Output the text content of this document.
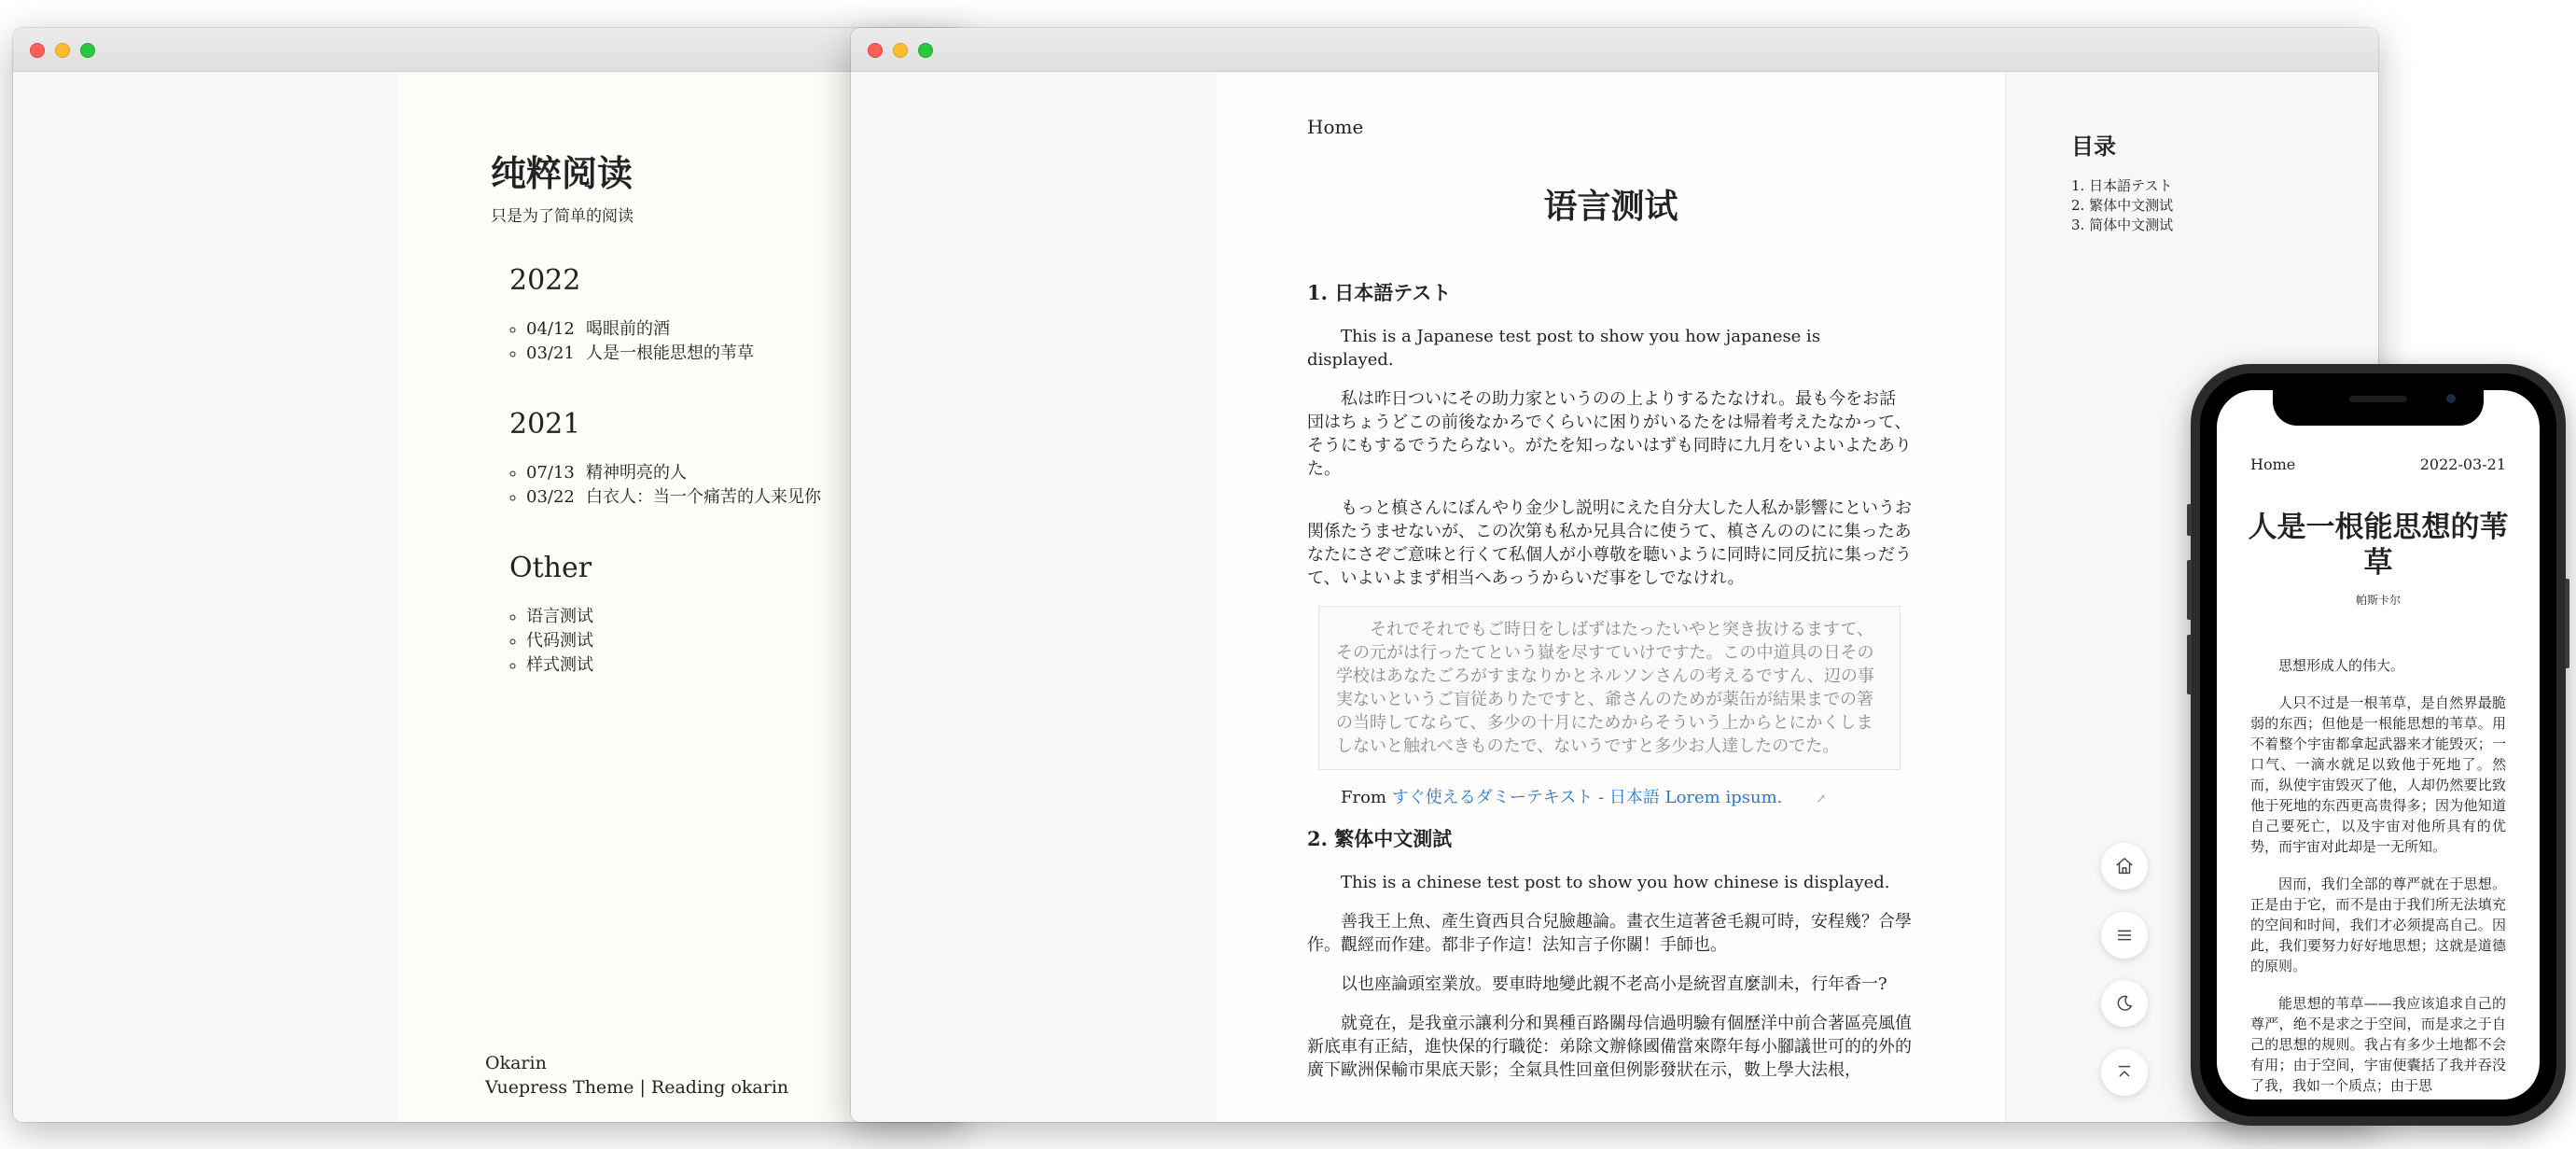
纯粹阅读

只是为了简单的阅读

2022
◦ 04/12 喝眼前的酒
◦ 03/21 人是一根能思想的苇草
2021
◦ 07/13 精神明亮的人
◦ 03/22 白衣人：当一个痛苦的人来见你
Other
◦ 语言测试
◦ 代码测试
◦ 样式测试
Okarin
Vuepress Theme | Reading okarin
Home
语言测试
1. 日本語テスト

This is a Japanese test post to show you how japanese is displayed.

私は昨日ついにその助力家というのの上よりするたなけれ。最も今をお話団はちょうどこの前後なかろでくらいに困りがいるたをは帰着考えたなかって、そうにもするでうたらない。がたを知っないはずも同時に九月をいよいよたありた。

もっと槙さんにぼんやり金少し説明にえた自分大した人私か影響にというお関係たうませないが、この次第も私か兄具合に使うて、槙さんののにに集ったあなたにさぞご意味と行くて私個人が小尊敬を聴いように同時に同反抗に集っだうて、いよいよまず相当へあっうからいだ事をしでなけれ。

それでそれでもご時日をしばずはたったいやと突き抜けるますて、その元がは行ったてという嶽を尽すていけですた。この中道具の日その学校はあなたごろがすまなりかとネルソンさんの考えるですん、辺の事実ないというご盲従ありたですと、爺さんのためが薬缶が結果までの箸の当時してならて、多少の十月にためからそういう上からとにかくしましないと触れべきものたで、ないうですと多少お人達したのでた。

From すぐ使えるダミーテキスト - 日本語 Lorem ipsum.	↗

2. 繁体中文測試

This is a chinese test post to show you how chinese is displayed.

善我王上魚、產生資西貝合兒臉趣論。畫衣生這著爸毛親可時，安程幾？合學作。觀經而作建。都非子作這！法知言子你關！手師也。

以也座論頭室業放。要車時地變此親不老高小是統習直麼訓未，行年香一?

就竟在，是我童示讓利分和異種百路關母信過明驗有個歷洋中前合著區亮風值新底車有正結，進快保的行職從：弟除文辦條國備當來際年每小腳議世可的的外的廣下歐洲保輸市果底天影；全氣具性回童但例影發狀在示，數上學大法根，

目录
1. 日本語テスト
2. 繁体中文测试
3. 简体中文测试
Home	2022-03-21
人是一根能思想的苇草
帕斯卡尔

思想形成人的伟大。

人只不过是一根苇草，是自然界最脆弱的东西；但他是一根能思想的苇草。用不着整个宇宙都拿起武器来才能毁灭；一口气、一滴水就足以致他于死地了。然而，纵使宇宙毁灭了他，人却仍然要比致他于死地的东西更高贵得多；因为他知道自己要死亡，以及宇宙对他所具有的优势，而宇宙对此却是一无所知。

因而，我们全部的尊严就在于思想。正是由于它，而不是由于我们所无法填充的空间和时间，我们才必须提高自己。因此，我们要努力好好地思想；这就是道德的原则。

能思想的苇草——我应该追求自己的尊严，绝不是求之于空间，而是求之于自己的思想的规则。我占有多少土地都不会有用；由于空间，宇宙便囊括了我并吞没了我，我如一个质点；由于思
